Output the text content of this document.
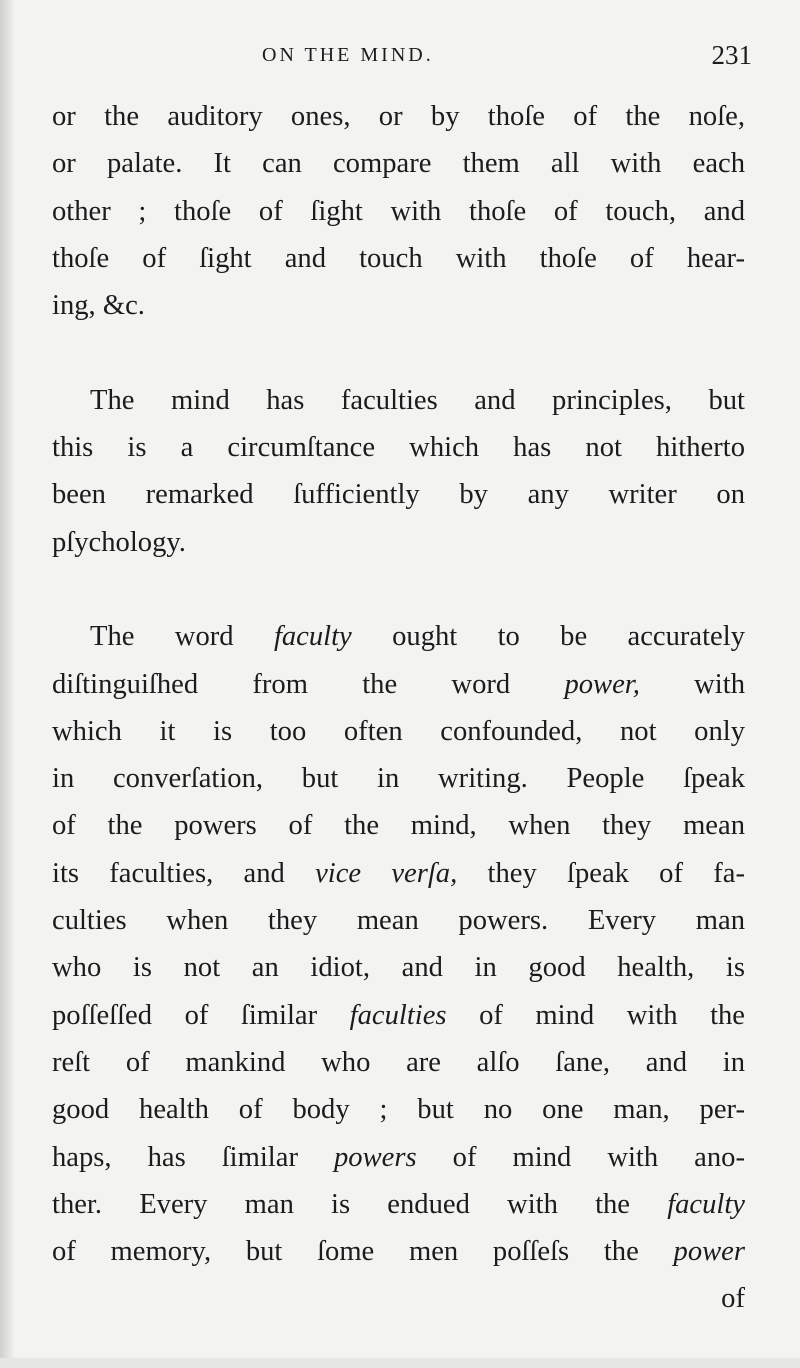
ON THE MIND.	231
or the auditory ones, or by thoſe of the noſe,
or palate. It can compare them all with each
other ; thoſe of ſight with thoſe of touch, and
thoſe of ſight and touch with thoſe of hear-
ing, &c.
The mind has faculties and principles, but
this is a circumſtance which has not hitherto
been remarked ſufficiently by any writer on
pſychology.
The word faculty ought to be accurately
diſtinguiſhed from the word power, with
which it is too often confounded, not only
in converſation, but in writing. People ſpeak
of the powers of the mind, when they mean
its faculties, and vice verſa, they ſpeak of fa-
culties when they mean powers. Every man
who is not an idiot, and in good health, is
poſſeſſed of ſimilar faculties of mind with the
reſt of mankind who are alſo ſane, and in
good health of body ; but no one man, per-
haps, has ſimilar powers of mind with ano-
ther. Every man is endued with the faculty
of memory, but ſome men poſſeſs the power
of
